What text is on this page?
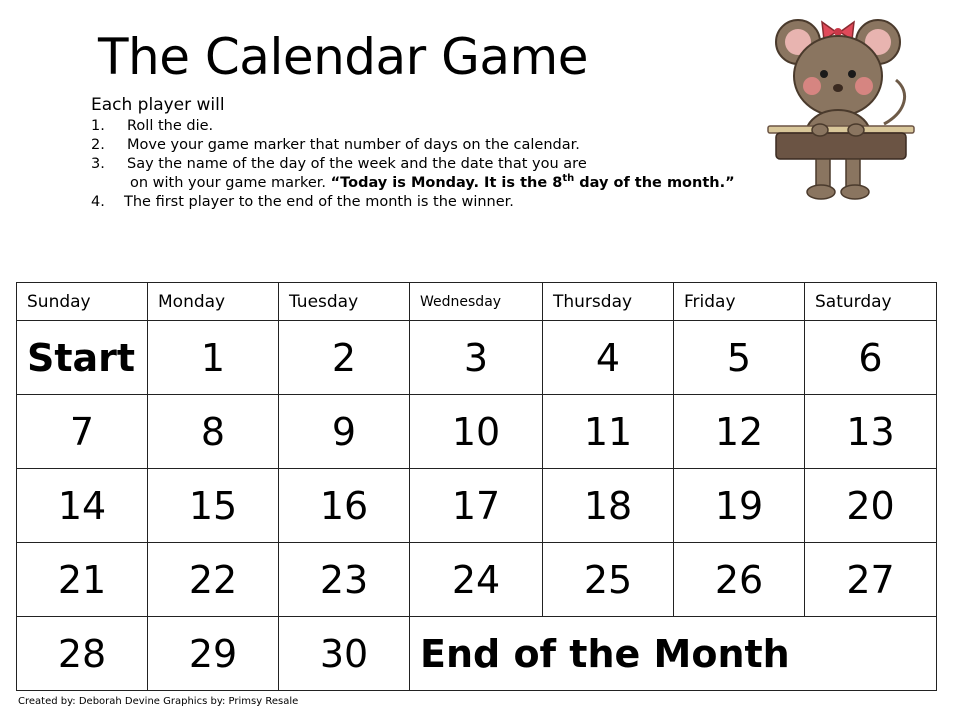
The Calendar Game
Each player will
1.	Roll the die.
2.	Move your game marker that number of days on the calendar.
3.	Say the name of the day of the week and the date that you are
on with your game marker. “Today is Monday. It is the 8th day of the month.”
4.	The first player to the end of the month is the winner.
Sunday	Monday	Tuesday	Wednesday	Thursday	Friday	Saturday
Start	1	2	3	4	5	6
7	8	9	10	11	12	13
14	15	16	17	18	19	20
21	22	23	24	25	26	27
28	29	30	End of the Month			
Created by: Deborah Devine Graphics by: Primsy Resale
